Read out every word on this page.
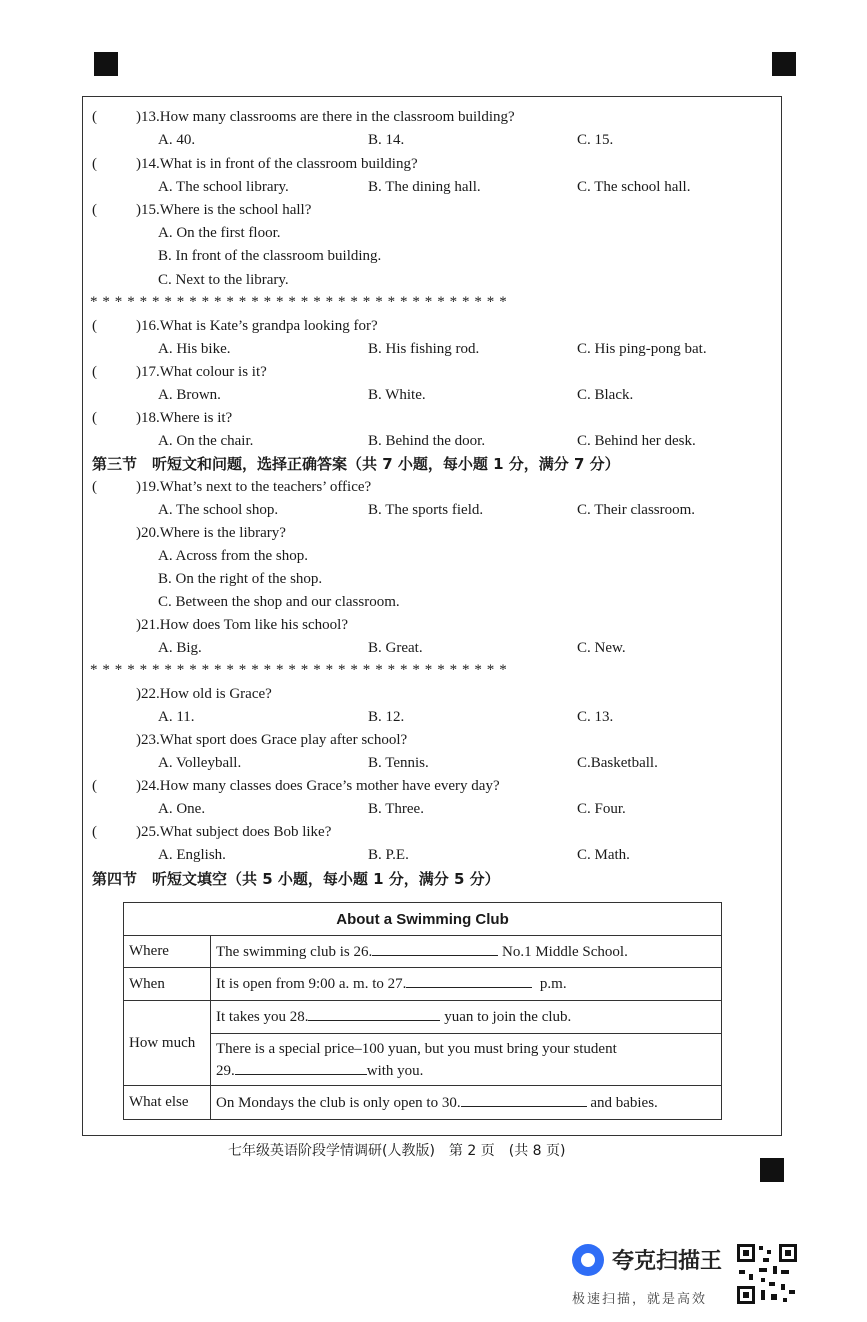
(	)13.How many classrooms are there in the classroom building?
A. 40.	B. 14.	C. 15.
(	)14.What is in front of the classroom building?
A. The school library.	B. The dining hall.	C. The school hall.
(	)15.Where is the school hall?
A. On the first floor.
B. In front of the classroom building.
C. Next to the library.
**********************************
(	)16.What is Kate’s grandpa looking for?
A. His bike.	B. His fishing rod.	C. His ping-pong bat.
(	)17.What colour is it?
A. Brown.	B. White.	C. Black.
(	)18.Where is it?
A. On the chair.	B. Behind the door.	C. Behind her desk.
第三节　听短文和问题，选择正确答案（共 7 小题，每小题 1 分，满分 7 分）
(	)19.What’s next to the teachers’ office?
A. The school shop.	B. The sports field.	C. Their classroom.
)20.Where is the library?
A. Across from the shop.
B. On the right of the shop.
C. Between the shop and our classroom.
)21.How does Tom like his school?
A. Big.	B. Great.	C. New.
**********************************
)22.How old is Grace?
A. 11.	B. 12.	C. 13.
)23.What sport does Grace play after school?
A. Volleyball.	B. Tennis.	C.Basketball.
(	)24.How many classes does Grace’s mother have every day?
A. One.	B. Three.	C. Four.
(	)25.What subject does Bob like?
A. English.	B. P.E.	C. Math.
第四节　听短文填空（共 5 小题，每小题 1 分，满分 5 分）
About a Swimming Club	
Where	The swimming club is 26. No.1 Middle School.
When	It is open from 9:00 a. m. to 27. p.m.
How much	It takes you 28. yuan to join the club.

	There is a special price–100 yuan, but you must bring your student
29. with you.

What else	On Mondays the club is only open to 30. and babies.
七年级英语阶段学情调研(人教版)　第 2 页　(共 8 页)
夸克扫描王
极速扫描，就是高效
